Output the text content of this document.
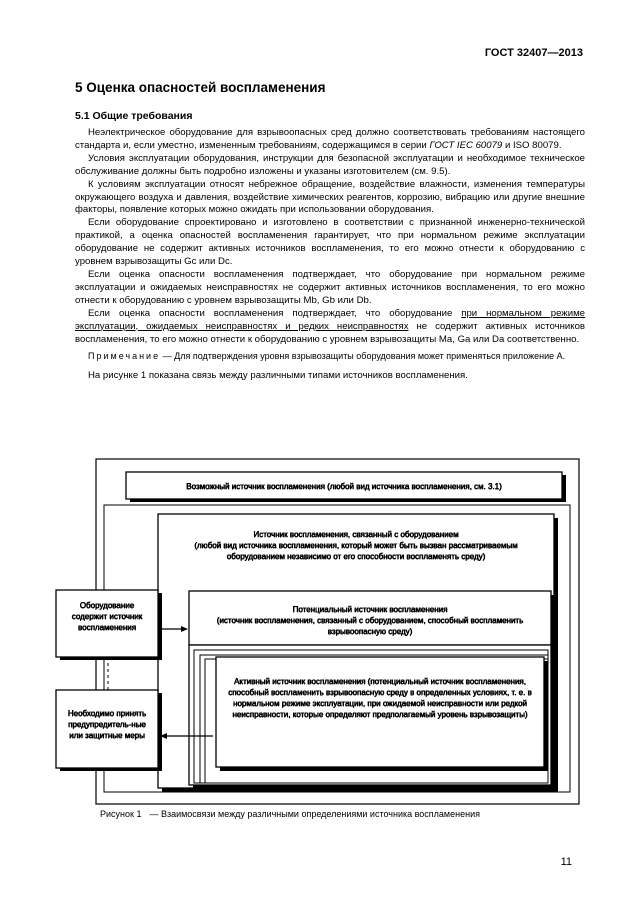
ГОСТ 32407—2013
5 Оценка опасностей воспламенения
5.1 Общие требования

Неэлектрическое оборудование для взрывоопасных сред должно соответствовать требованиям настоящего стандарта и, если уместно, измененным требованиям, содержащимся в серии ГОСТ IEC 60079 и ISO 80079.

Условия эксплуатации оборудования, инструкции для безопасной эксплуатации и необходимое техническое обслуживание должны быть подробно изложены и указаны изготовителем (см. 9.5).

К условиям эксплуатации относят небрежное обращение, воздействие влажности, изменения температуры окружающего воздуха и давления, воздействие химических реагентов, коррозию, вибрацию или другие внешние факторы, появление которых можно ожидать при использовании оборудования.

Если оборудование спроектировано и изготовлено в соответствии с признанной инженерно-технической практикой, а оценка опасностей воспламенения гарантирует, что при нормальном режиме эксплуатации оборудование не содержит активных источников воспламенения, то его можно отнести к оборудованию с уровнем взрывозащиты Gc или Dc.

Если оценка опасности воспламенения подтверждает, что оборудование при нормальном режиме эксплуатации и ожидаемых неисправностях не содержит активных источников воспламенения, то его можно отнести к оборудованию с уровнем взрывозащиты Mb, Gb или Db.

Если оценка опасности воспламенения подтверждает, что оборудование при нормальном режиме эксплуатации, ожидаемых неисправностях и редких неисправностях не содержит активных источников воспламенения, то его можно отнести к оборудованию с уровнем взрывозащиты Ma, Ga или Da соответственно.

Примечание — Для подтверждения уровня взрывозащиты оборудования может применяться приложение А.

На рисунке 1 показана связь между различными типами источников воспламенения.

Возможный источник воспламенения (любой вид источника воспламенения, см. 3.1)
Источник воспламенения, связанный с оборудованием
(любой вид источника воспламенения, который может быть вызван рассматриваемым оборудованием независимо от его способности воспламенять среду)
Потенциальный источник воспламенения
(источник воспламенения, связанный с оборудованием, способный воспламенить взрывоопасную среду)
Активный источник воспламенения (потенциальный источник воспламенения, способный воспламенить взрывоопасную среду в определенных условиях, т. е. в нормальном режиме эксплуатации, при ожидаемой неисправности или редкой неисправности, которые определяют предполагаемый уровень взрывозащиты)
Оборудование содержит источник воспламенения
Необходимо принять предупредитель-ные или защитные меры
Рисунок 1 — Взаимосвязи между различными определениями источника воспламенения
11
